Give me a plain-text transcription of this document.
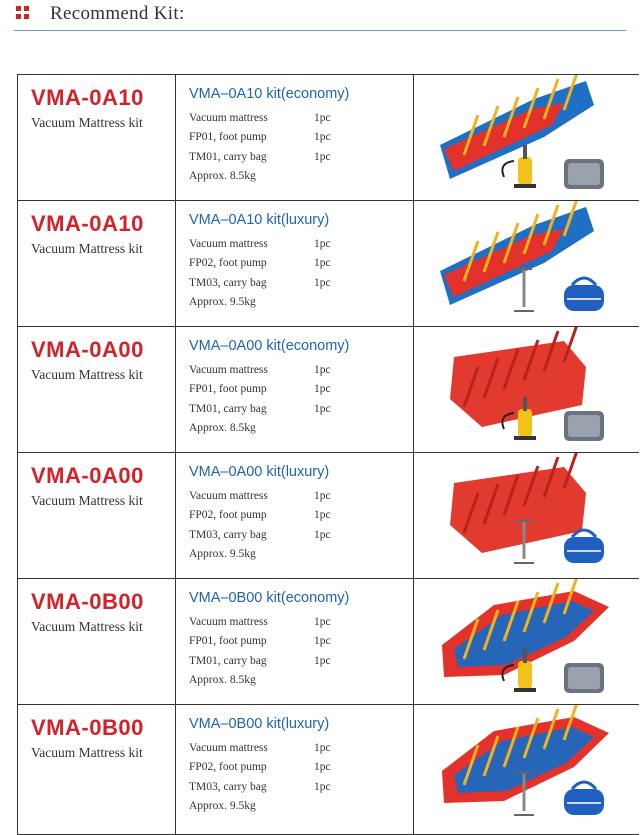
Recommend Kit:
VMA-0A10
Vacuum Mattress kit
VMA–0A10 kit(economy)
Vacuum mattress	1pc
FP01, foot pump	1pc
TM01, carry bag	1pc
Approx. 8.5kg
VMA-0A10
Vacuum Mattress kit
VMA–0A10 kit(luxury)
Vacuum mattress	1pc
FP02, foot pump	1pc
TM03, carry bag	1pc
Approx. 9.5kg
VMA-0A00
Vacuum Mattress kit
VMA–0A00 kit(economy)
Vacuum mattress	1pc
FP01, foot pump	1pc
TM01, carry bag	1pc
Approx. 8.5kg
VMA-0A00
Vacuum Mattress kit
VMA–0A00 kit(luxury)
Vacuum mattress	1pc
FP02, foot pump	1pc
TM03, carry bag	1pc
Approx. 9.5kg
VMA-0B00
Vacuum Mattress kit
VMA–0B00 kit(economy)
Vacuum mattress	1pc
FP01, foot pump	1pc
TM01, carry bag	1pc
Approx. 8.5kg
VMA-0B00
Vacuum Mattress kit
VMA–0B00 kit(luxury)
Vacuum mattress	1pc
FP02, foot pump	1pc
TM03, carry bag	1pc
Approx. 9.5kg
